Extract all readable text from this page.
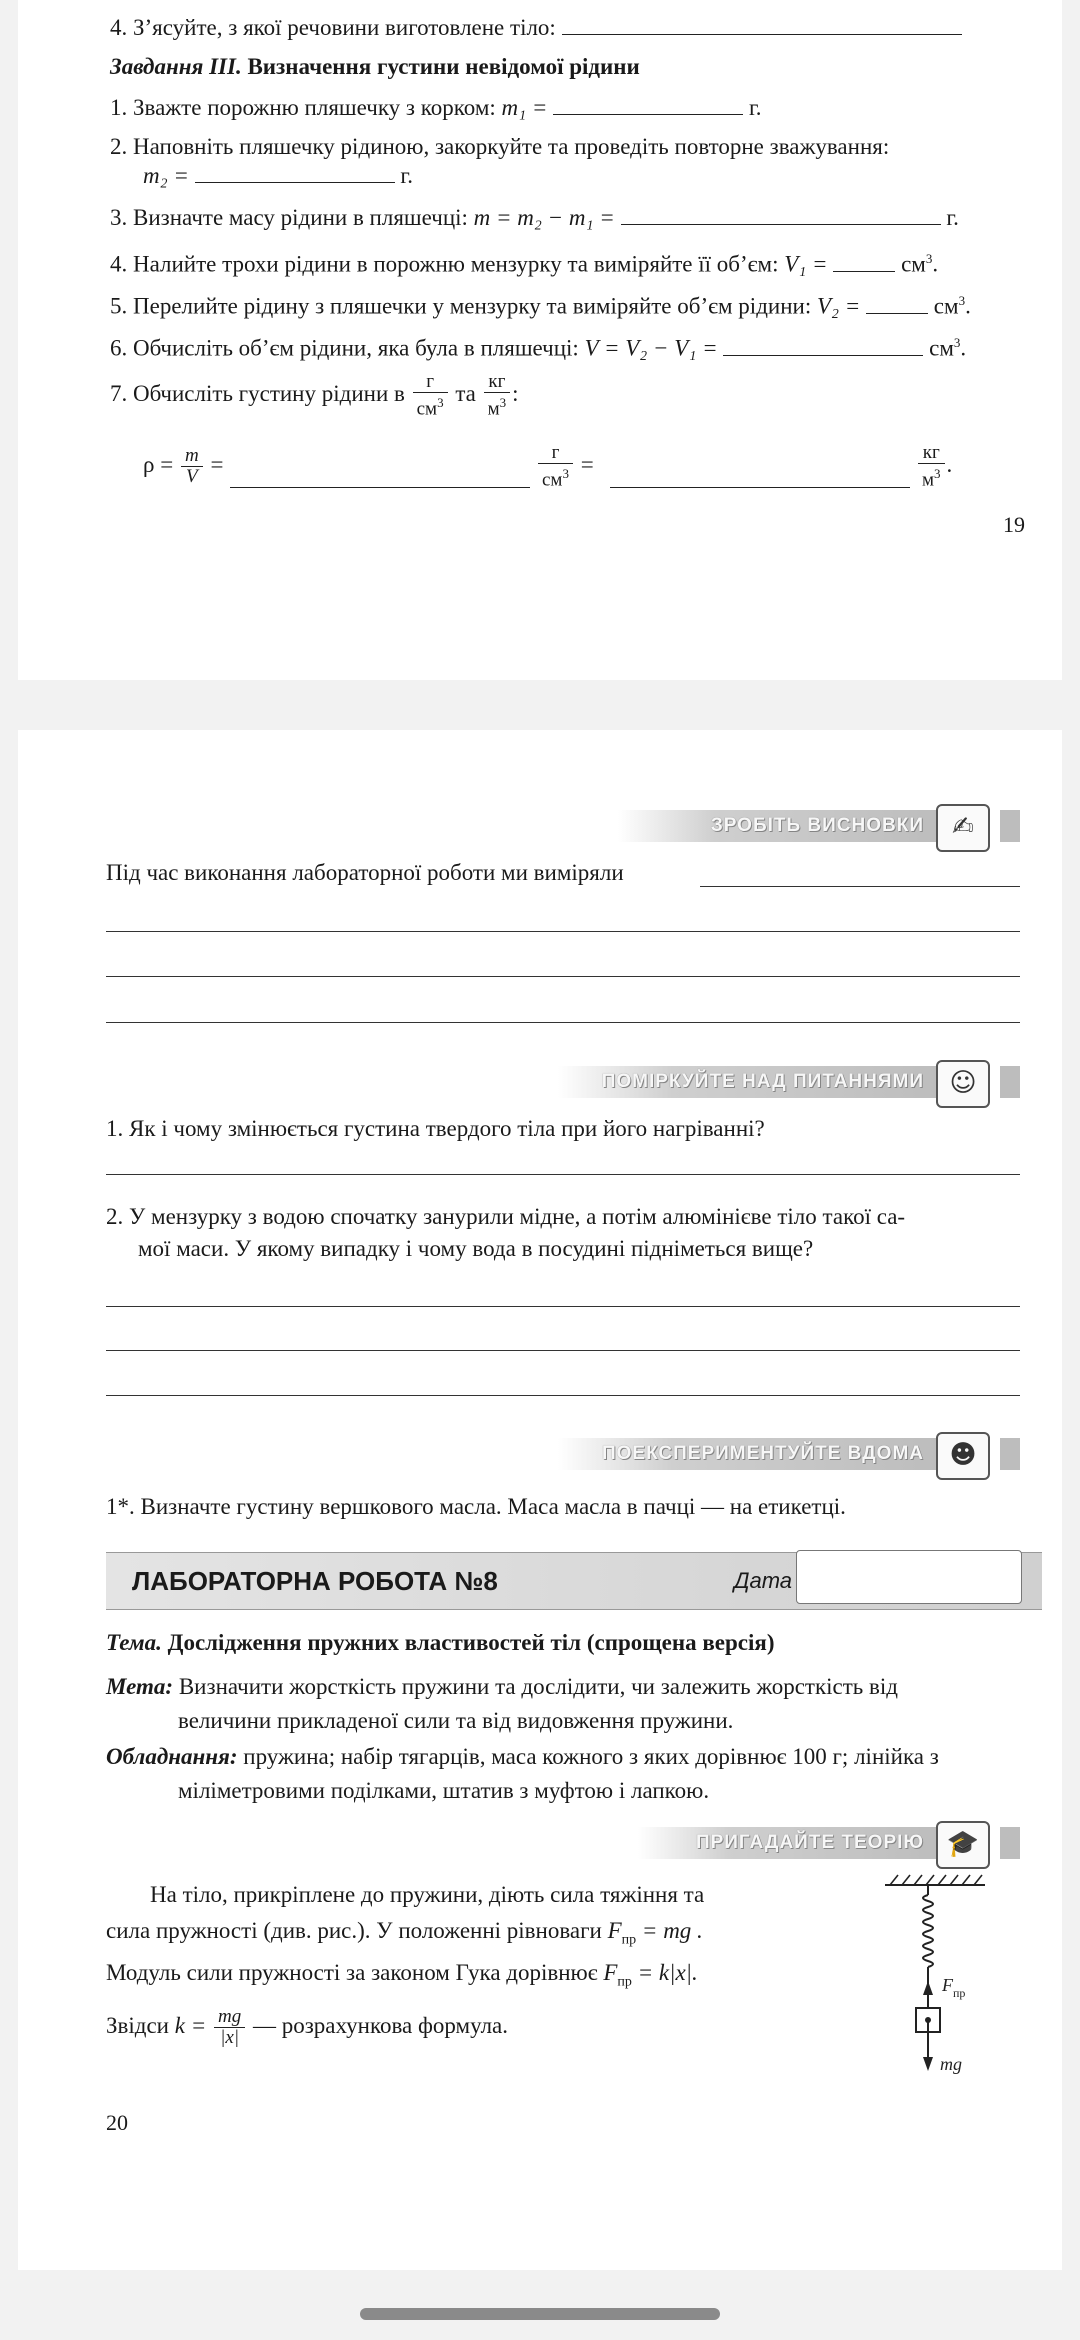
4. З’ясуйте, з якої речовини виготовлене тіло:
Завдання III. Визначення густини невідомої рідини
1. Зважте порожню пляшечку з корком: m₁ =	г.
2. Наповніть пляшечку рідиною, закоркуйте та проведіть повторне зважування:
m₂ =	г.
3. Визначте масу рідини в пляшечці: m = m₂ − m₁ =	г.
4. Налийте трохи рідини в порожню мензурку та виміряйте її об’єм: V₁ =	$см^3$.
5. Перелийте рідину з пляшечки у мензурку та виміряйте об’єм рідини: V₂ =	$см^3$.
6. Обчисліть об’єм рідини, яка була в пляшечці: V = V₂ − V₁ =	$см^3$.
7. Обчисліть густину рідини в $\frac{г}{см^3}$ та $\frac{кг}{м^3}$ :
$\rho = \frac{m}{V}$ =	$\frac{г}{см^3}$ =	$\frac{кг}{м^3}$ .
19
ЗРОБІТЬ ВИСНОВКИ	✍
Під час виконання лабораторної роботи ми виміряли
ПОМІРКУЙТЕ НАД ПИТАННЯМИ ☺
1. Як і чому змінюється густина твердого тіла при його нагріванні?
2. У мензурку з водою спочатку занурили мідне, а потім алюмінієве тіло такої са-
мої маси. У якому випадку і чому вода в посудині підніметься вище?
ПОЕКСПЕРИМЕНТУЙТЕ ВДОМА ☻
1*. Визначте густину вершкового масла. Маса масла в пачці — на етикетці.
ЛАБОРАТОРНА РОБОТА №8	Дата
Тема. Дослідження пружних властивостей тіл (спрощена версія)
Мета: Визначити жорсткість пружини та дослідити, чи залежить жорсткість від
величини прикладеної сили та від видовження пружини.
Обладнання: пружина; набір тягарців, маса кожного з яких дорівнює 100 г; лінійка з
міліметровими поділками, штатив з муфтою і лапкою.
ПРИГАДАЙТЕ ТЕОРІЮ 🎓
На тіло, прикріплене до пружини, діють сила тяжіння та
сила пружності (див. рис.). У положенні рівноваги $F_{пр}$ = mg .
Модуль сили пружності за законом Гука дорівнює $F_{пр} = k|x|$.
Звідси $k = \frac{mg}{|x|}$ — розрахункова формула.
20
F пр
mg
